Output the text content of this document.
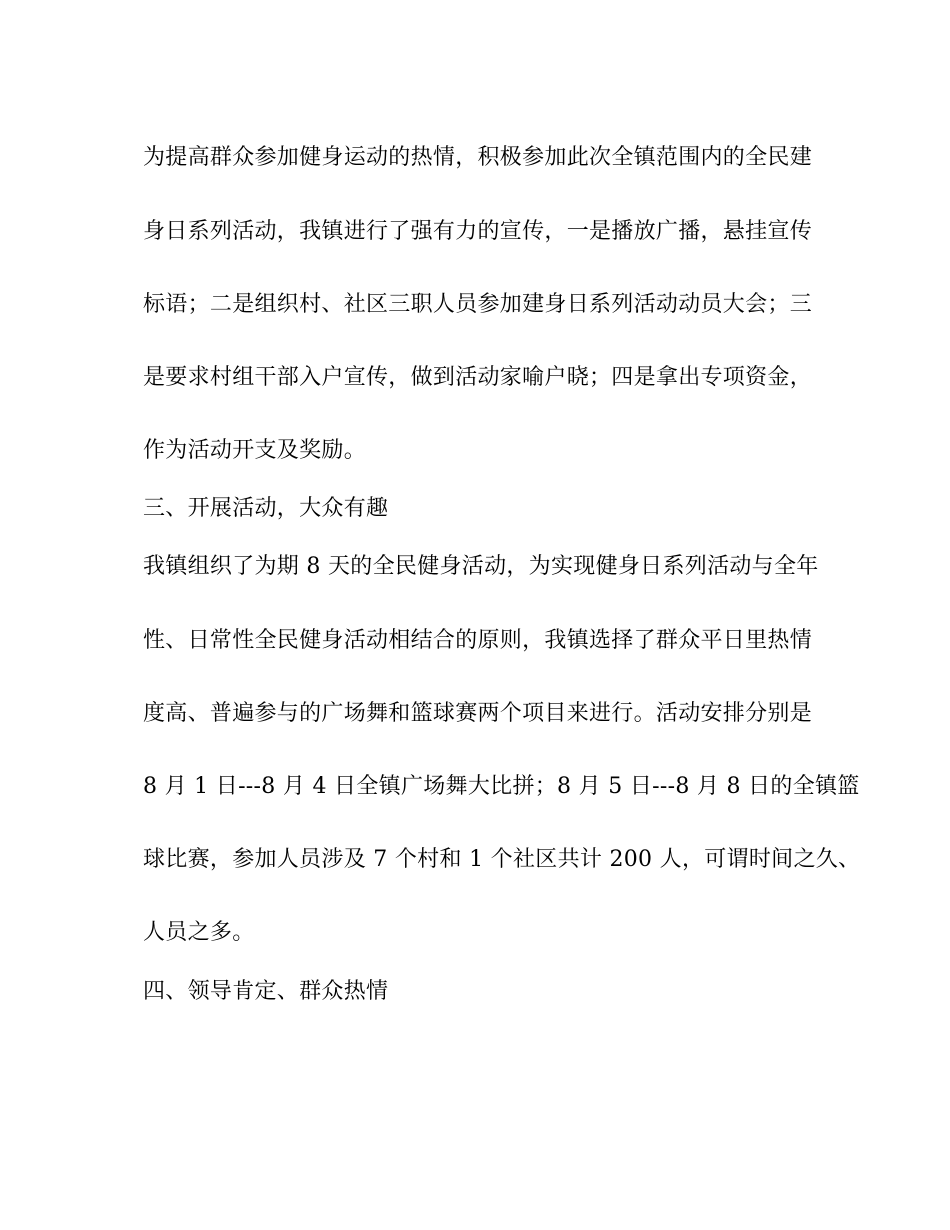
为提高群众参加健身运动的热情，积极参加此次全镇范围内的全民建
身日系列活动，我镇进行了强有力的宣传，一是播放广播，悬挂宣传
标语；二是组织村、社区三职人员参加建身日系列活动动员大会；三
是要求村组干部入户宣传，做到活动家喻户晓；四是拿出专项资金，
作为活动开支及奖励。
三、开展活动，大众有趣
我镇组织了为期 8 天的全民健身活动，为实现健身日系列活动与全年
性、日常性全民健身活动相结合的原则，我镇选择了群众平日里热情
度高、普遍参与的广场舞和篮球赛两个项目来进行。活动安排分别是
8 月 1 日---8 月 4 日全镇广场舞大比拼；8 月 5 日---8 月 8 日的全镇篮
球比赛，参加人员涉及 7 个村和 1 个社区共计 200 人，可谓时间之久、
人员之多。
四、领导肯定、群众热情
